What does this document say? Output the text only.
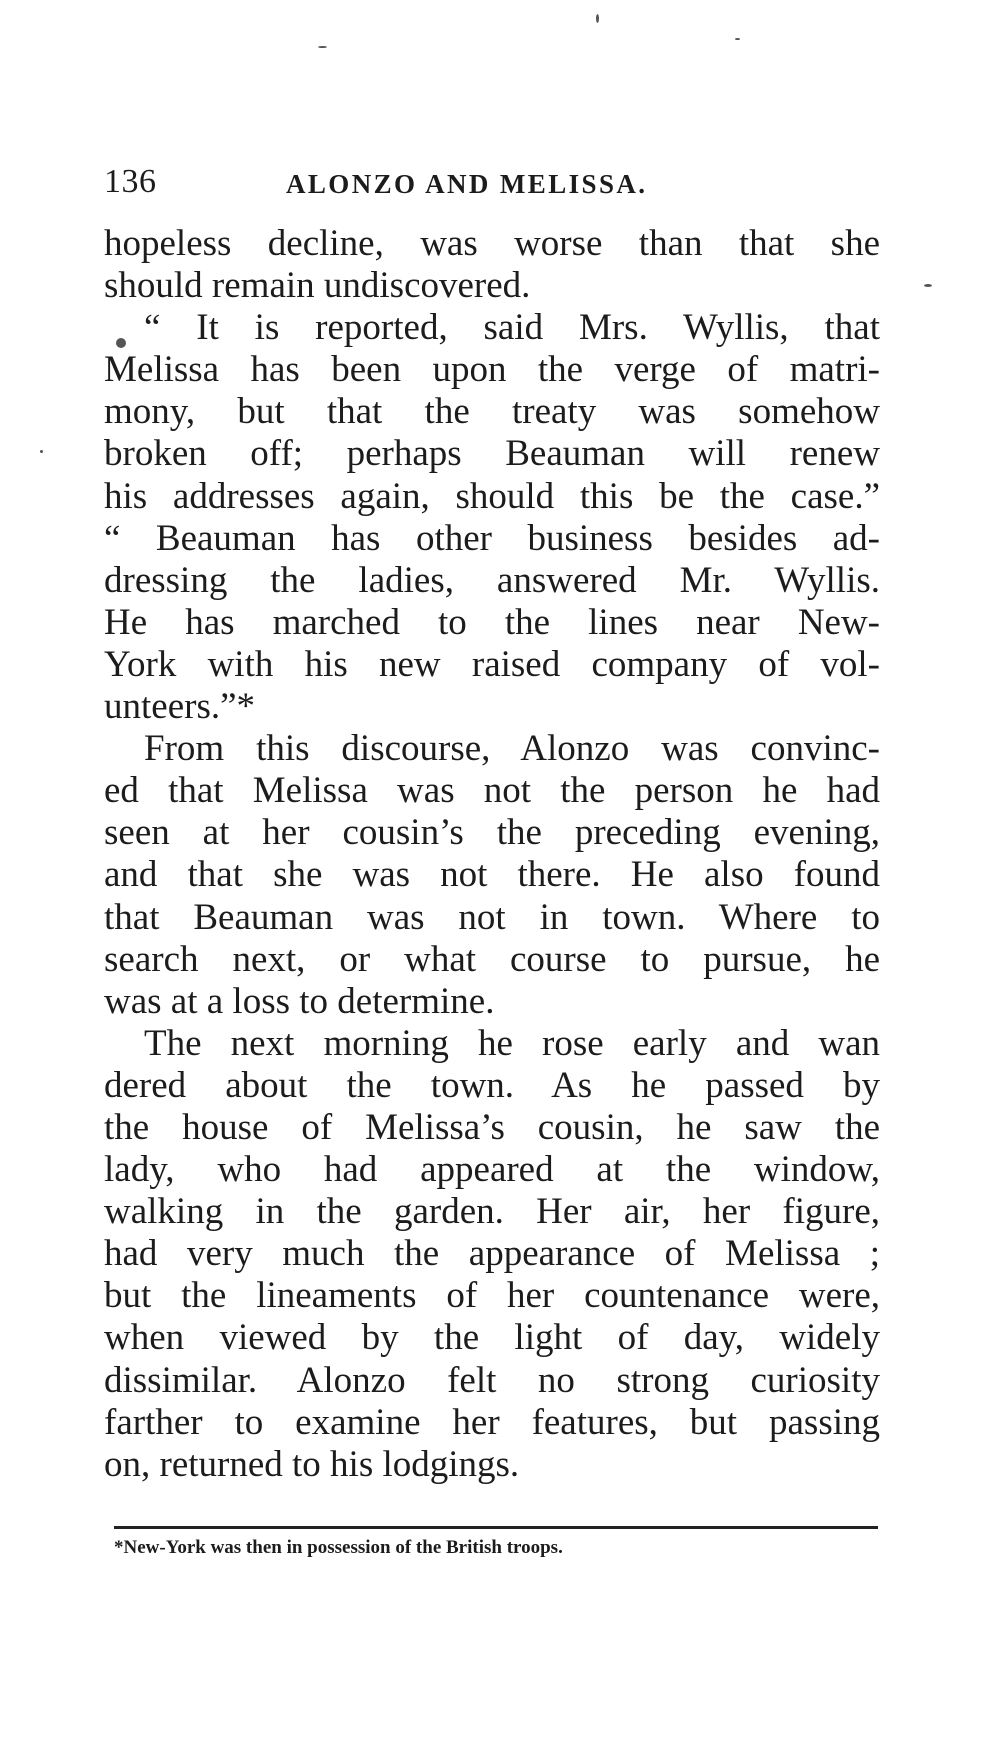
136	ALONZO AND MELISSA.
hopeless decline, was worse than that she
should remain undiscovered.
“ It is reported, said Mrs. Wyllis, that
Melissa has been upon the verge of matri-
mony, but that the treaty was somehow
broken off; perhaps Beauman will renew
his addresses again, should this be the case.”
“ Beauman has other business besides ad-
dressing the ladies, answered Mr. Wyllis.
He has marched to the lines near New-
York with his new raised company of vol-
unteers.”*
From this discourse, Alonzo was convinc-
ed that Melissa was not the person he had
seen at her cousin’s the preceding evening,
and that she was not there. He also found
that Beauman was not in town. Where to
search next, or what course to pursue, he
was at a loss to determine.
The next morning he rose early and wan
dered about the town. As he passed by
the house of Melissa’s cousin, he saw the
lady, who had appeared at the window,
walking in the garden. Her air, her figure,
had very much the appearance of Melissa ;
but the lineaments of her countenance were,
when viewed by the light of day, widely
dissimilar. Alonzo felt no strong curiosity
farther to examine her features, but passing
on, returned to his lodgings.
*New-York was then in possession of the British troops.
